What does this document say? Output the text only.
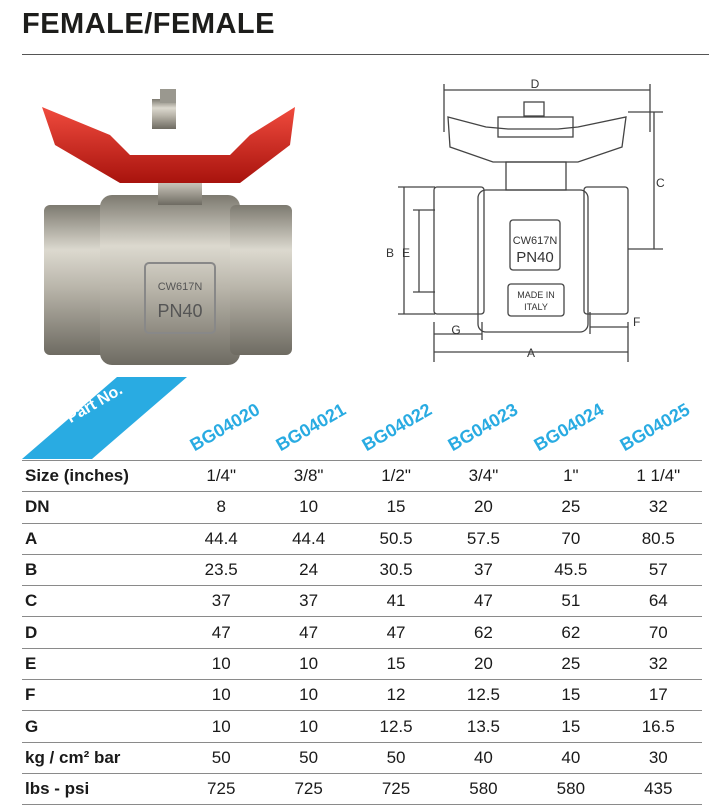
FEMALE/FEMALE
CW617N
PN40
D
C
B E
G
F
A
CW617N
PN40
MADE IN
ITALY
Part No.	BG04020 BG04021 BG04022 BG04023 BG04024 BG04025
Size (inches)	1/4"	3/8"	1/2"	3/4"	1"	1 1/4"
DN	8	10	15	20	25	32
A	44.4	44.4	50.5	57.5	70	80.5
B	23.5	24	30.5	37	45.5	57
C	37	37	41	47	51	64
D	47	47	47	62	62	70
E	10	10	15	20	25	32
F	10	10	12	12.5	15	17
G	10	10	12.5	13.5	15	16.5
kg / cm² bar	50	50	50	40	40	30
lbs - psi	725	725	725	580	580	435
